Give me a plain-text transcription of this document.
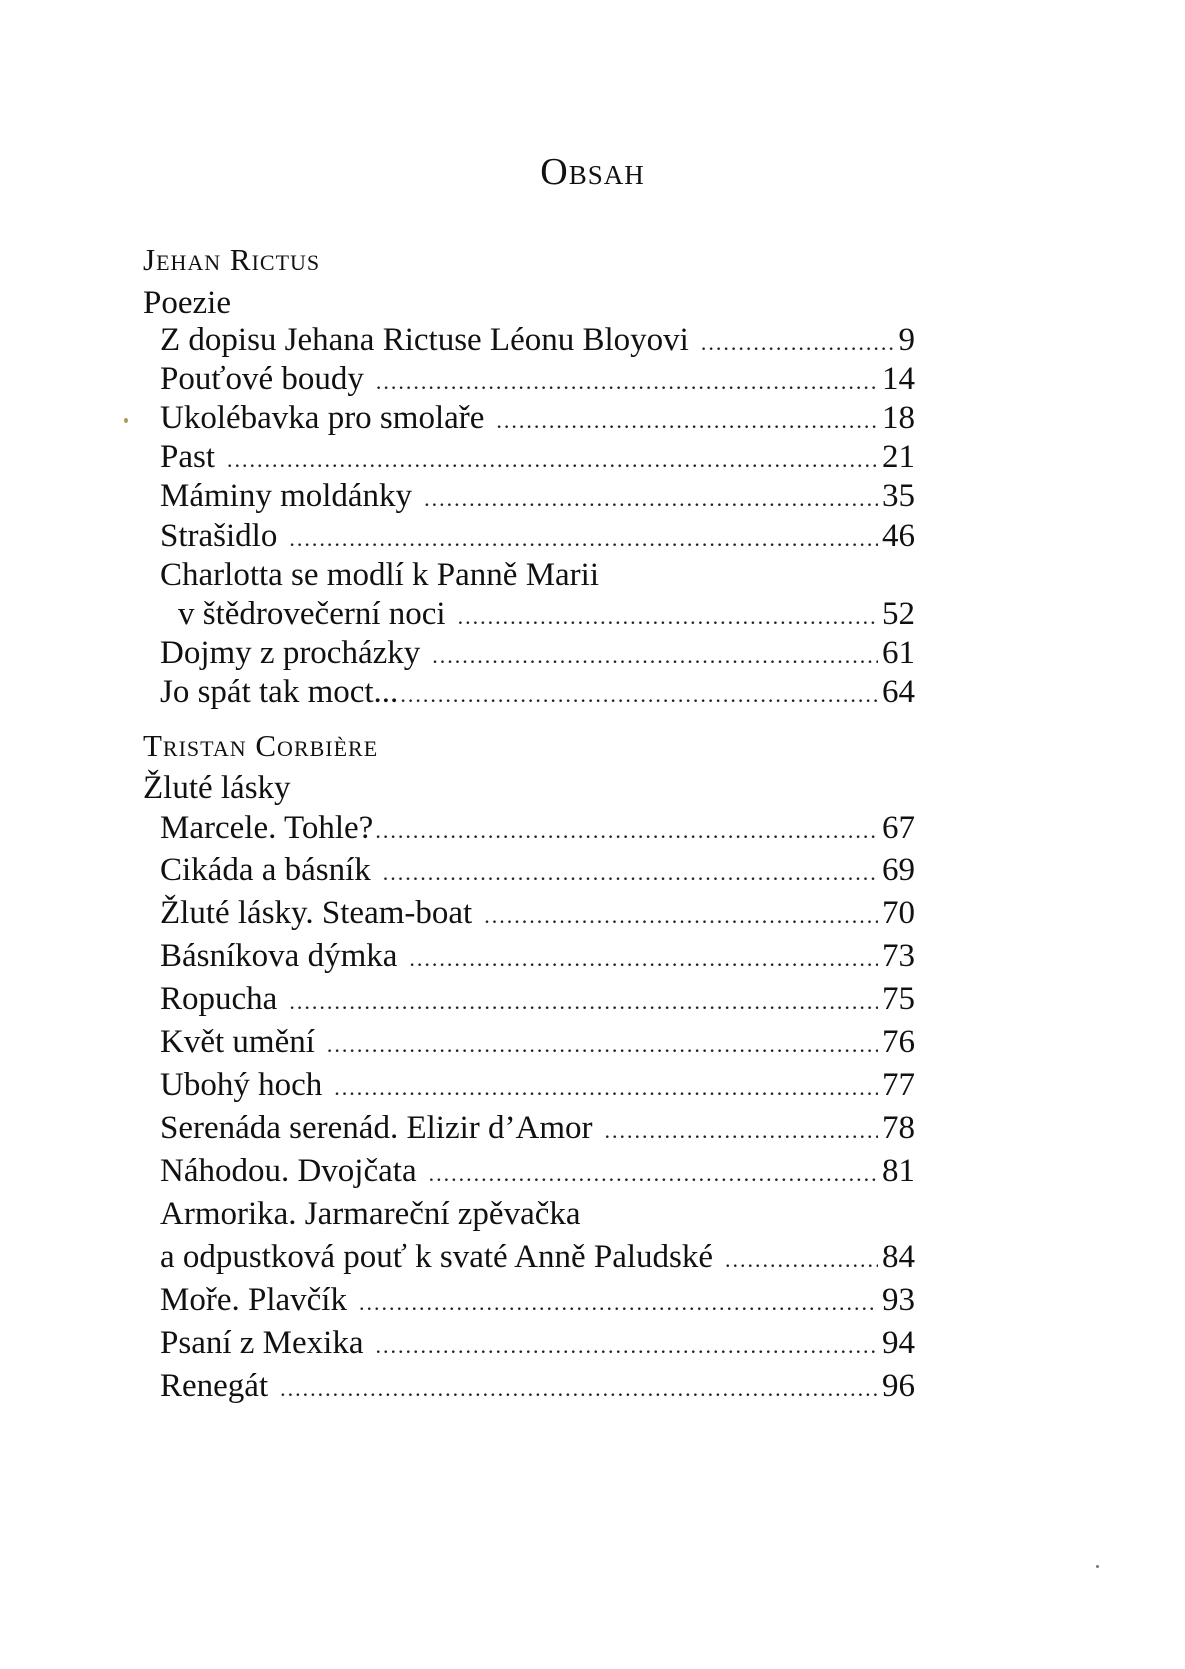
Obsah
Jehan Rictus
Poezie
Z dopisu Jehana Rictuse Léonu Bloyovi .....	9
Pouťové boudy .....	14
Ukolébavka pro smolaře .....	18
Past .....	21
Máminy moldánky .....	35
Strašidlo .....	46
Charlotta se modlí k Panně Marii
v štědrovečerní noci .....	52
Dojmy z procházky .....	61
Jo spát tak moct... .....	64
Tristan Corbière
Žluté lásky
Marcele. Tohle? .....	67
Cikáda a básník .....	69
Žluté lásky. Steam-boat .....	70
Básníkova dýmka .....	73
Ropucha .....	75
Květ umění .....	76
Ubohý hoch .....	77
Serenáda serenád. Elizir d’Amor .....	78
Náhodou. Dvojčata .....	81
Armorika. Jarmareční zpěvačka
a odpustková pouť k svaté Anně Paludské .....	84
Moře. Plavčík .....	93
Psaní z Mexika .....	94
Renegát .....	96
